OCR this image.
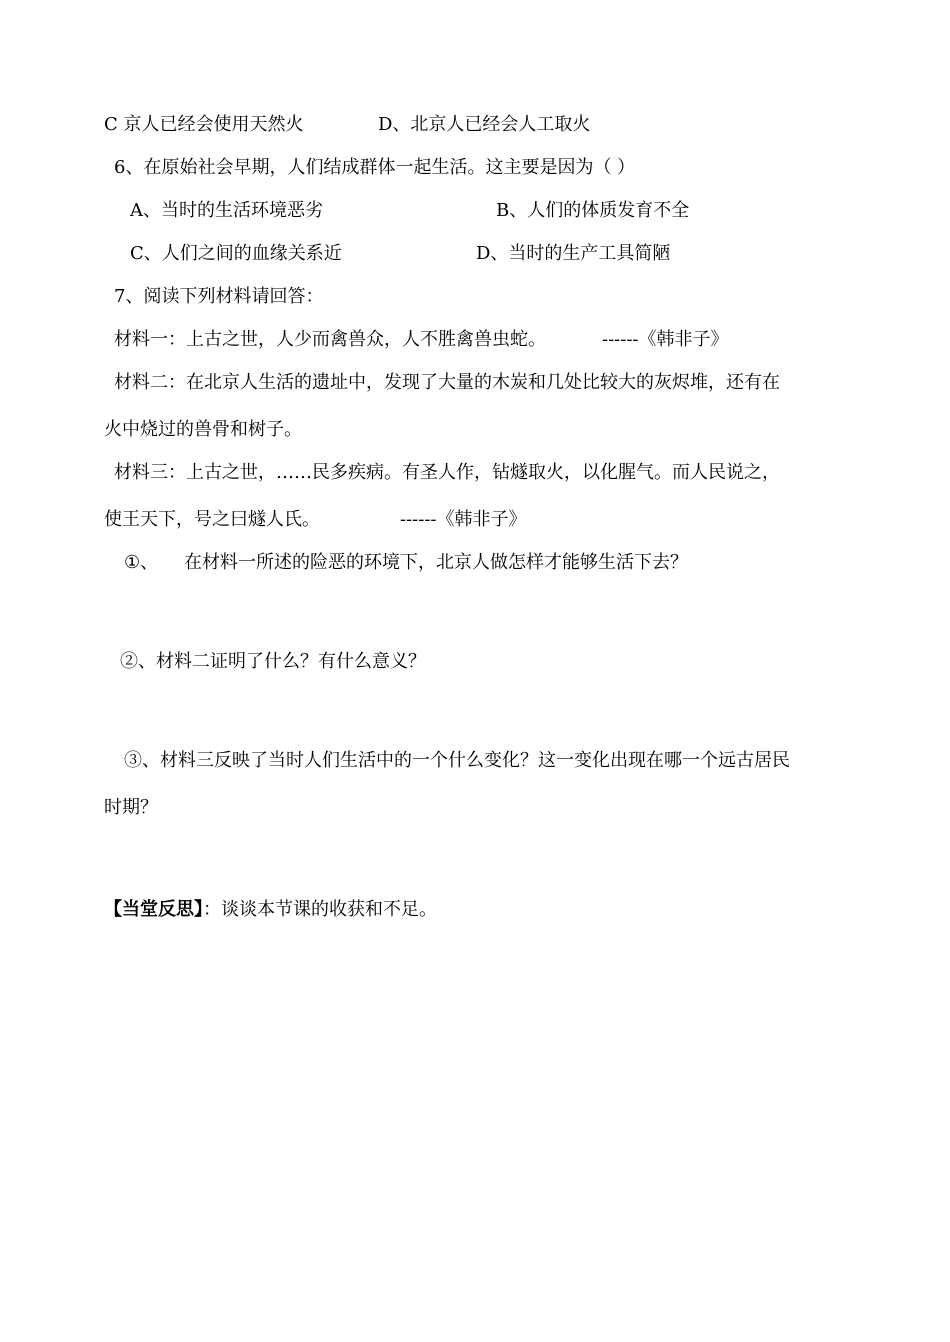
C 京人已经会使用天然火	D、北京人已经会人工取火
6、在原始社会早期，人们结成群体一起生活。这主要是因为（ ）
A、当时的生活环境恶劣	B、人们的体质发育不全
C、人们之间的血缘关系近	D、当时的生产工具简陋
7、阅读下列材料请回答：
材料一：上古之世，人少而禽兽众，人不胜禽兽虫蛇。	------《韩非子》
材料二：在北京人生活的遗址中，发现了大量的木炭和几处比较大的灰烬堆，还有在
火中烧过的兽骨和树子。
材料三：上古之世，……民多疾病。有圣人作，钻燧取火，以化腥气。而人民说之，
使王天下，号之曰燧人氏。	------《韩非子》
①、 在材料一所述的险恶的环境下，北京人做怎样才能够生活下去？
②、材料二证明了什么？有什么意义？
③、材料三反映了当时人们生活中的一个什么变化？这一变化出现在哪一个远古居民
时期？
【当堂反思】：谈谈本节课的收获和不足。
